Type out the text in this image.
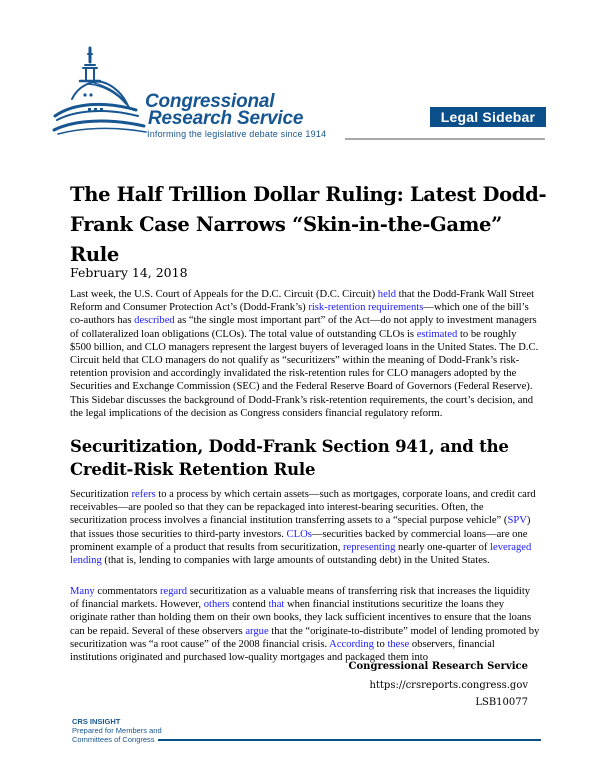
Congressional
Research Service
Informing the legislative debate since 1914
Legal Sidebar
The Half Trillion Dollar Ruling: Latest Dodd-Frank Case Narrows “Skin-in-the-Game” Rule
February 14, 2018
Last week, the U.S. Court of Appeals for the D.C. Circuit (D.C. Circuit) held that the Dodd-Frank Wall Street Reform and Consumer Protection Act’s (Dodd-Frank’s) risk-retention requirements—which one of the bill’s co-authors has described as “the single most important part” of the Act—do not apply to investment managers of collateralized loan obligations (CLOs). The total value of outstanding CLOs is estimated to be roughly $500 billion, and CLO managers represent the largest buyers of leveraged loans in the United States. The D.C. Circuit held that CLO managers do not qualify as “securitizers” within the meaning of Dodd-Frank’s risk-retention provision and accordingly invalidated the risk-retention rules for CLO managers adopted by the Securities and Exchange Commission (SEC) and the Federal Reserve Board of Governors (Federal Reserve). This Sidebar discusses the background of Dodd-Frank’s risk-retention requirements, the court’s decision, and the legal implications of the decision as Congress considers financial regulatory reform.
Securitization, Dodd-Frank Section 941, and the Credit-Risk Retention Rule
Securitization refers to a process by which certain assets—such as mortgages, corporate loans, and credit card receivables—are pooled so that they can be repackaged into interest-bearing securities. Often, the securitization process involves a financial institution transferring assets to a “special purpose vehicle” (SPV) that issues those securities to third-party investors. CLOs—securities backed by commercial loans—are one prominent example of a product that results from securitization, representing nearly one-quarter of leveraged lending (that is, lending to companies with large amounts of outstanding debt) in the United States.
Many commentators regard securitization as a valuable means of transferring risk that increases the liquidity of financial markets. However, others contend that when financial institutions securitize the loans they originate rather than holding them on their own books, they lack sufficient incentives to ensure that the loans can be repaid. Several of these observers argue that the “originate-to-distribute” model of lending promoted by securitization was “a root cause” of the 2008 financial crisis. According to these observers, financial institutions originated and purchased low-quality mortgages and packaged them into
Congressional Research Service
https://crsreports.congress.gov
LSB10077
CRS INSIGHT
Prepared for Members and
Committees of Congress
